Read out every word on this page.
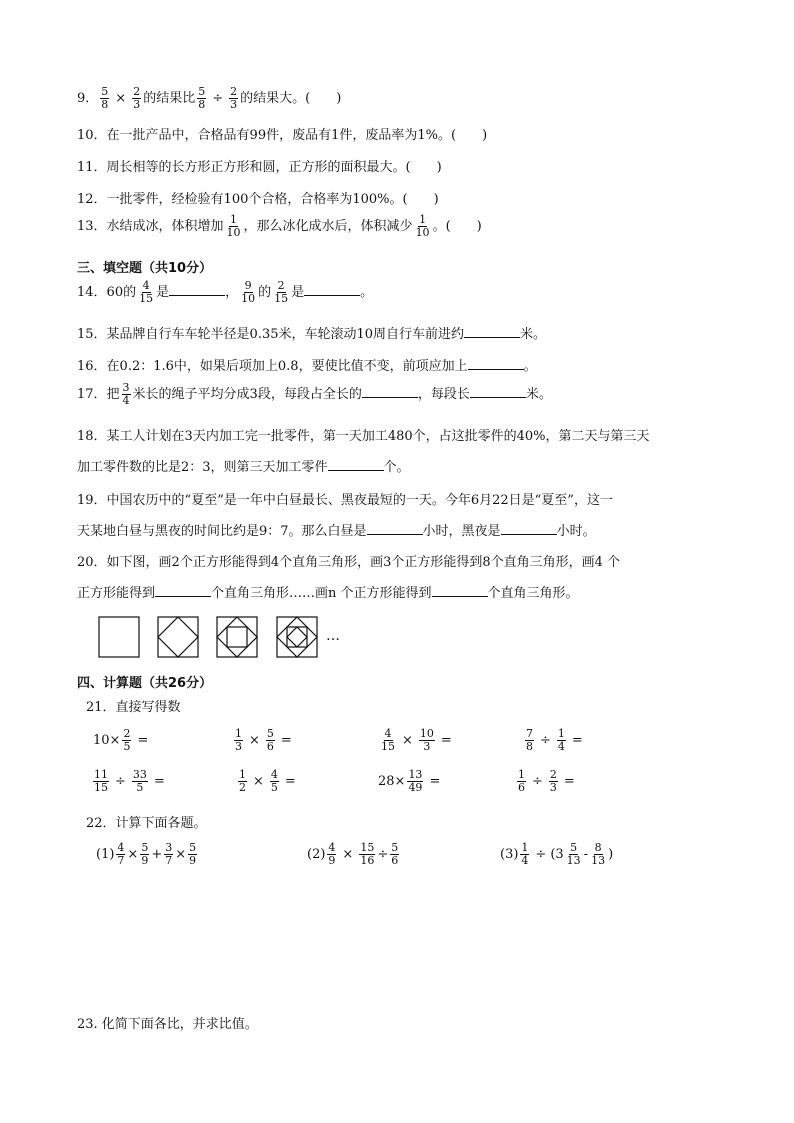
9． $\frac{5}{8} \times \frac{2}{3}$ 的结果比 $\frac{5}{8} \div \frac{2}{3}$ 的结果大。( )
10．在一批产品中，合格品有99件，废品有1件，废品率为1%。( )
11．周长相等的长方形正方形和圆，正方形的面积最大。( )
12．一批零件，经检验有100个合格，合格率为100%。( )
13．水结成冰，体积增加 $\frac{1}{10}$ ，那么冰化成水后，体积减少 $\frac{1}{10}$ 。( )
三、填空题（共10分）
14．60的 $\frac{4}{15}$ 是	， $\frac{9}{10}$ 的 $\frac{2}{15}$ 是	。
15．某品牌自行车车轮半径是0.35米，车轮滚动10周自行车前进约	米。
16．在0.2：1.6中，如果后项加上0.8，要使比值不变，前项应加上	。
17．把 $\frac{3}{4}$ 米长的绳子平均分成3段，每段占全长的	，每段长	米。
18．某工人计划在3天内加工完一批零件，第一天加工480个，占这批零件的40%，第二天与第三天
加工零件数的比是2：3，则第三天加工零件	个。
19．中国农历中的“夏至”是一年中白昼最长、黑夜最短的一天。今年6月22日是“夏至”，这一
天某地白昼与黑夜的时间比约是9：7。那么白昼是	小时，黑夜是	小时。
20．如下图，画2个正方形能得到4个直角三角形，画3个正方形能得到8个直角三角形，画4 个
正方形能得到	个直角三角形……画n 个正方形能得到	个直角三角形。
…
四、计算题（共26分）
21．直接写得数
$10\times \frac{2}{5}$ =	$\frac{1}{3} \times \frac{5}{6}$ =	$\frac{4}{15} \times \frac{10}{3}$ =	$\frac{7}{8} \div \frac{1}{4}$ =
$\frac{11}{15} \div \frac{33}{5}$ =	$\frac{1}{2} \times \frac{4}{5}$ =	$28\times \frac{13}{49}$ =	$\frac{1}{6} \div \frac{2}{3}$ =
22．计算下面各题。
$(1) \frac{4}{7} \times \frac{5}{9} + \frac{3}{7} \times \frac{5}{9}$	$(2) \frac{4}{9} \times \frac{15}{16} \div \frac{5}{6}$	$(3) \frac{1}{4} \div (3 \frac{5}{13} - \frac{8}{13}$ )
23. 化简下面各比，并求比值。
